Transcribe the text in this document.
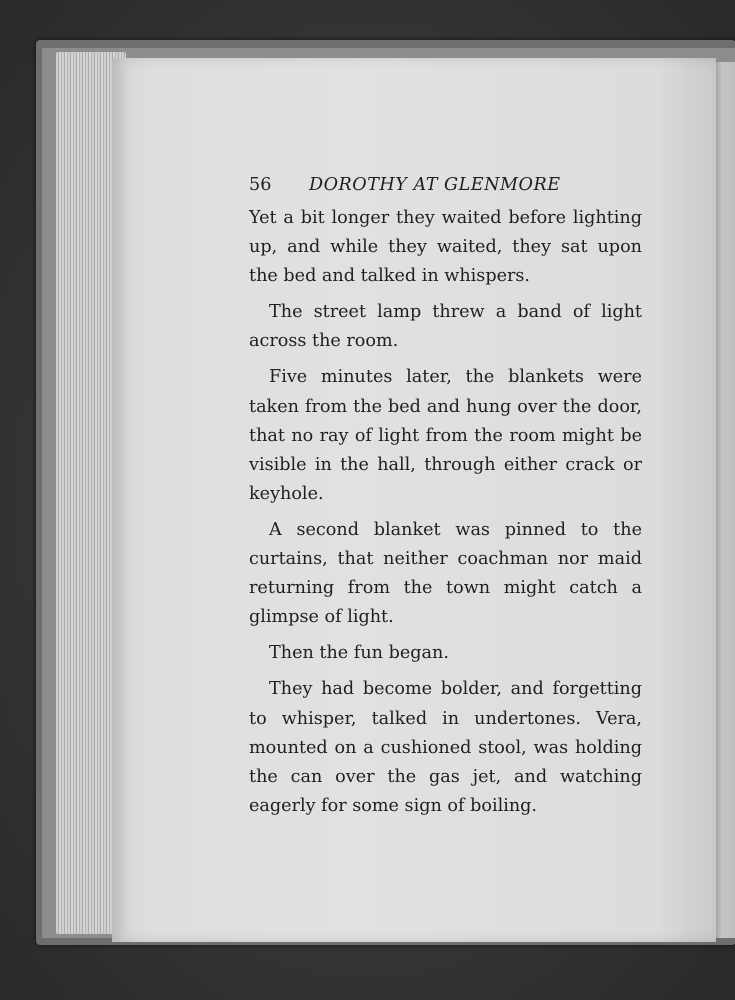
56 DOROTHY AT GLENMORE

Yet a bit longer they waited before lighting up, and while they waited, they sat upon the bed and talked in whispers.

The street lamp threw a band of light across the room.

Five minutes later, the blankets were taken from the bed and hung over the door, that no ray of light from the room might be visible in the hall, through either crack or keyhole.

A second blanket was pinned to the curtains, that neither coachman nor maid returning from the town might catch a glimpse of light.

Then the fun began.

They had become bolder, and forgetting to whisper, talked in undertones. Vera, mounted on a cushioned stool, was holding the can over the gas jet, and watching eagerly for some sign of boiling.
